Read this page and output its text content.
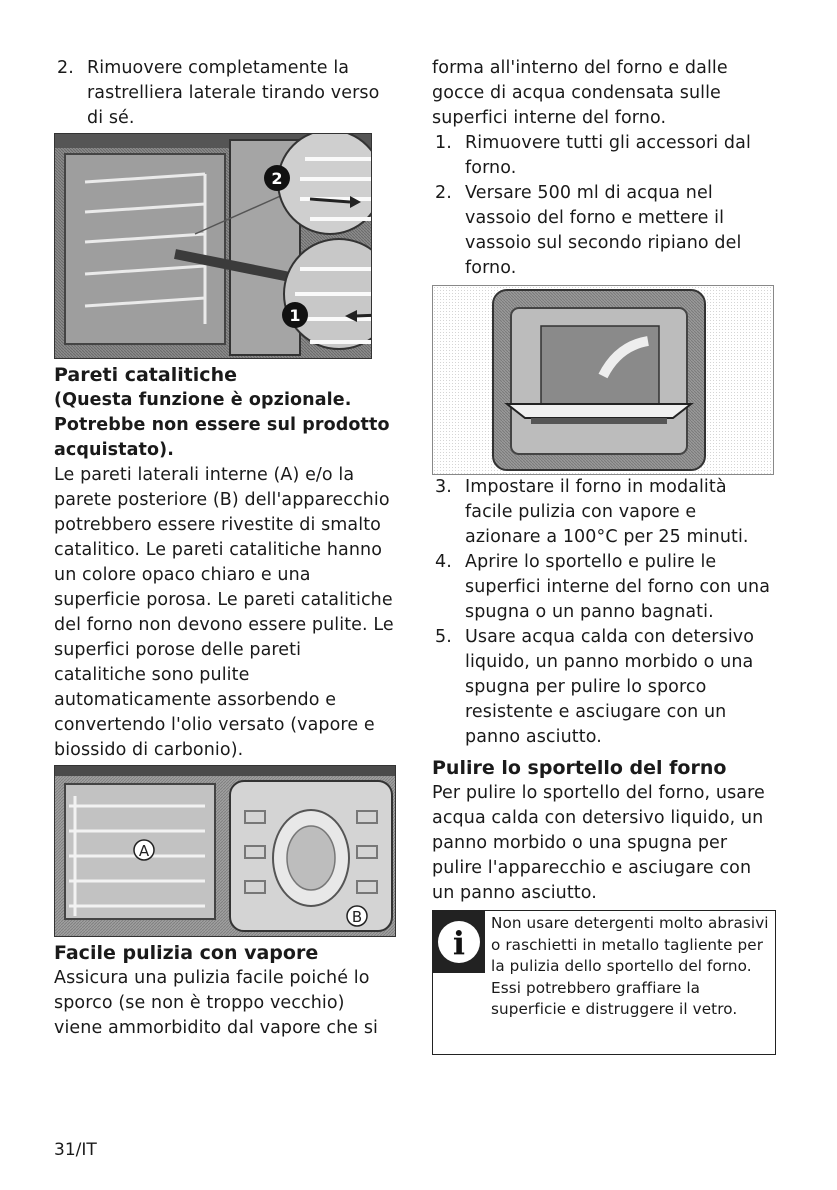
2. Rimuovere completamente la rastrelliera laterale tirando verso di sé.
2
1
Pareti catalitiche

(Questa funzione è opzionale. Potrebbe non essere sul prodotto acquistato).

Le pareti laterali interne (A) e/o la parete posteriore (B) dell'apparecchio potrebbero essere rivestite di smalto catalitico. Le pareti catalitiche hanno un colore opaco chiaro e una superficie porosa. Le pareti catalitiche del forno non devono essere pulite. Le superfici porose delle pareti catalitiche sono pulite automaticamente assorbendo e convertendo l'olio versato (vapore e biossido di carbonio).

A
B
Facile pulizia con vapore

Assicura una pulizia facile poiché lo sporco (se non è troppo vecchio) viene ammorbidito dal vapore che si

forma all'interno del forno e dalle gocce di acqua condensata sulle superfici interne del forno.

1. Rimuovere tutti gli accessori dal forno.
2. Versare 500 ml di acqua nel vassoio del forno e mettere il vassoio sul secondo ripiano del forno.
3. Impostare il forno in modalità facile pulizia con vapore e azionare a 100°C per 25 minuti.
4. Aprire lo sportello e pulire le superfici interne del forno con una spugna o un panno bagnati.
5. Usare acqua calda con detersivo liquido, un panno morbido o una spugna per pulire lo sporco resistente e asciugare con un panno asciutto.
Pulire lo sportello del forno

Per pulire lo sportello del forno, usare acqua calda con detersivo liquido, un panno morbido o una spugna per pulire l'apparecchio e asciugare con un panno asciutto.

i

Non usare detergenti molto abrasivi o raschietti in metallo tagliente per la pulizia dello sportello del forno. Essi potrebbero graffiare la superficie e distruggere il vetro.

31/IT
